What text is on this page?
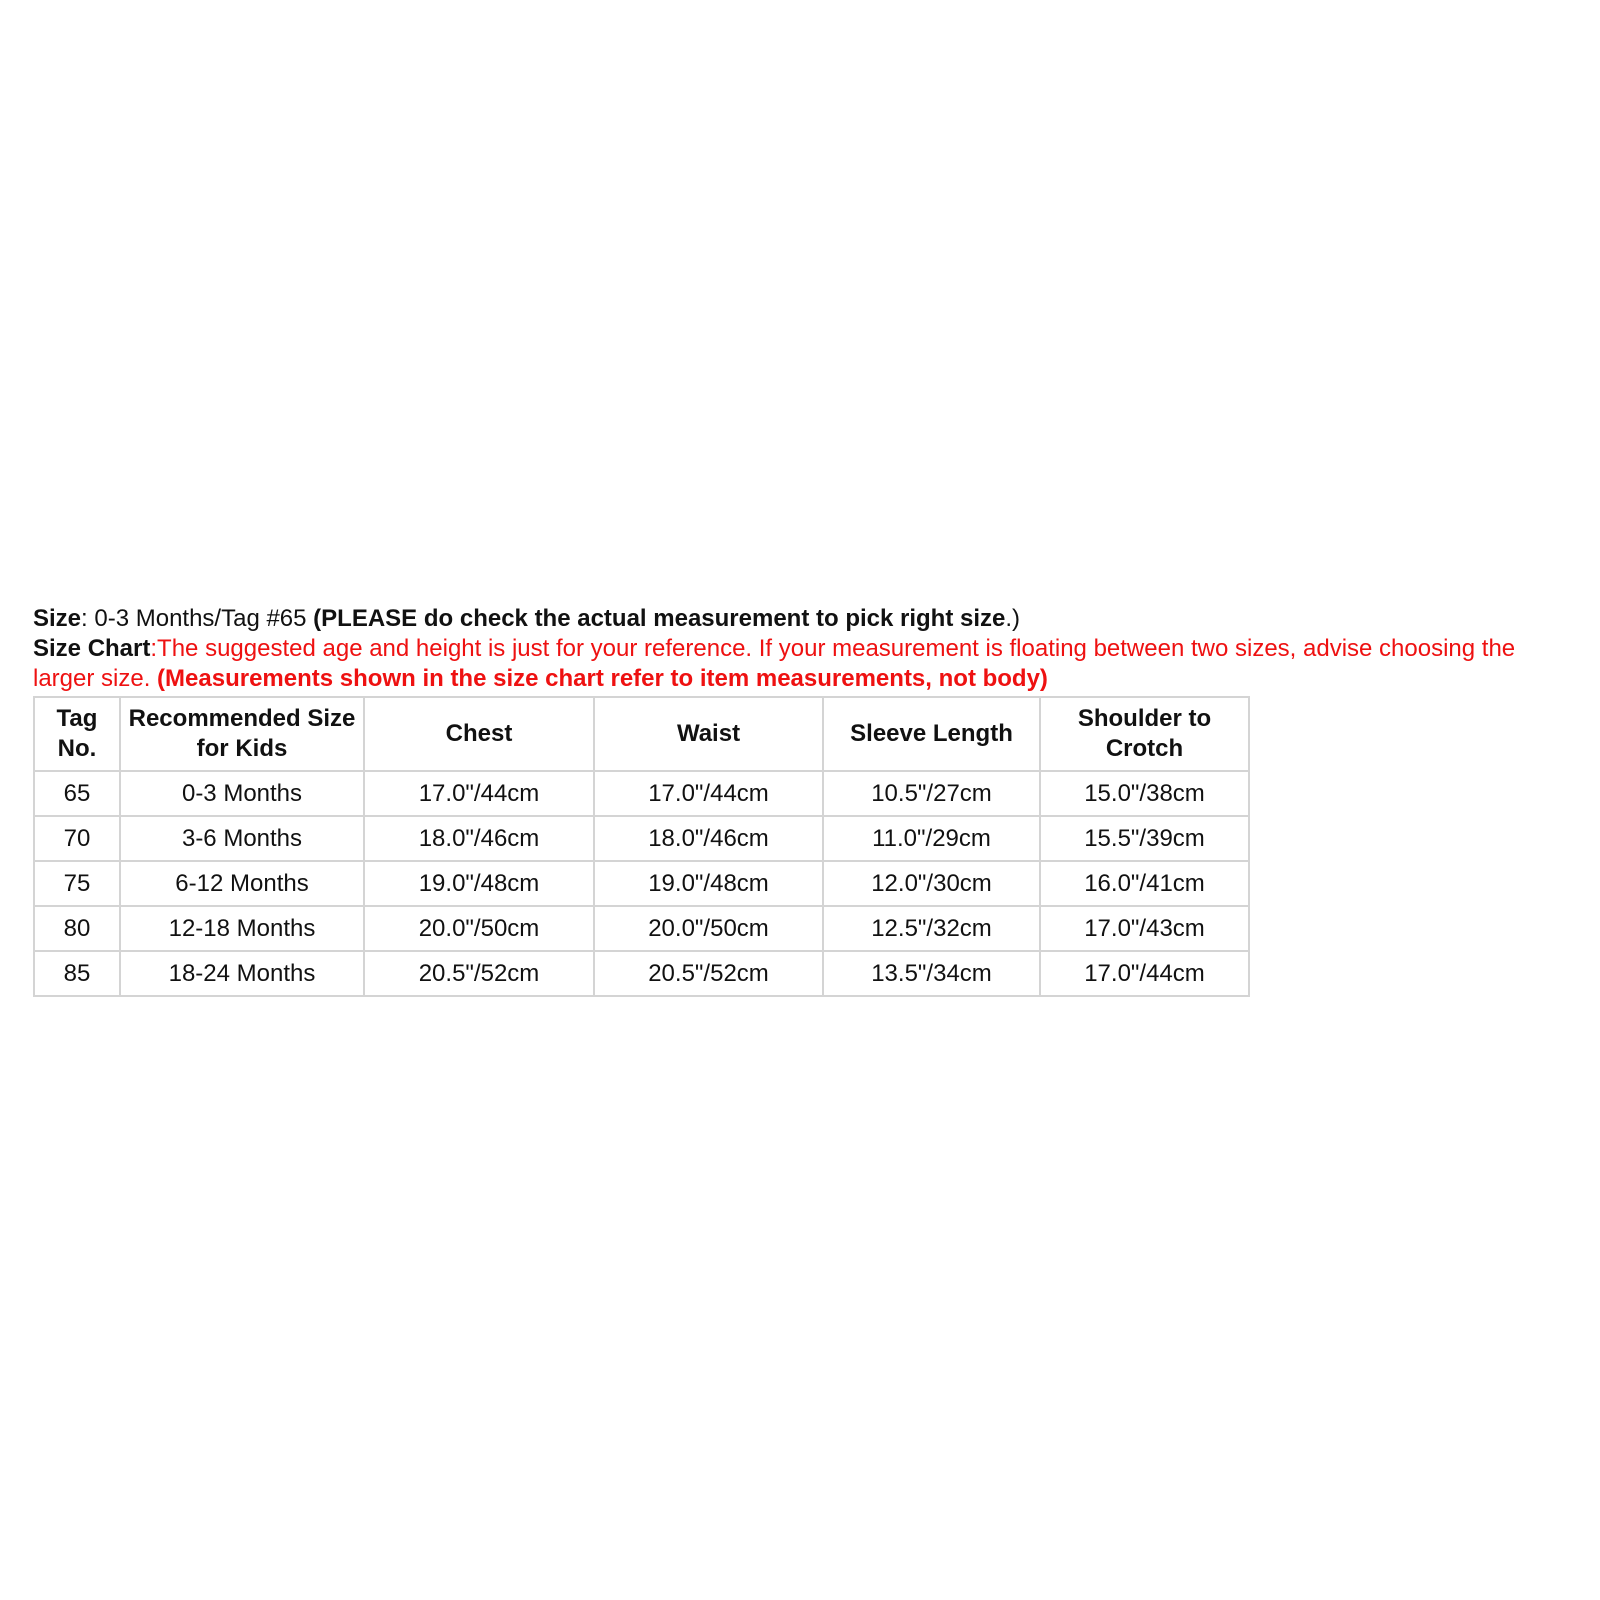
Size: 0-3 Months/Tag #65 (PLEASE do check the actual measurement to pick right size.)

Size Chart:The suggested age and height is just for your reference. If your measurement is floating between two sizes, advise choosing the larger size. (Measurements shown in the size chart refer to item measurements, not body)

Tag No.	Recommended Size for Kids	Chest	Waist	Sleeve Length	Shoulder to Crotch
65	0-3 Months	17.0"/44cm	17.0"/44cm	10.5"/27cm	15.0"/38cm
70	3-6 Months	18.0"/46cm	18.0"/46cm	11.0"/29cm	15.5"/39cm
75	6-12 Months	19.0"/48cm	19.0"/48cm	12.0"/30cm	16.0"/41cm
80	12-18 Months	20.0"/50cm	20.0"/50cm	12.5"/32cm	17.0"/43cm
85	18-24 Months	20.5"/52cm	20.5"/52cm	13.5"/34cm	17.0"/44cm
